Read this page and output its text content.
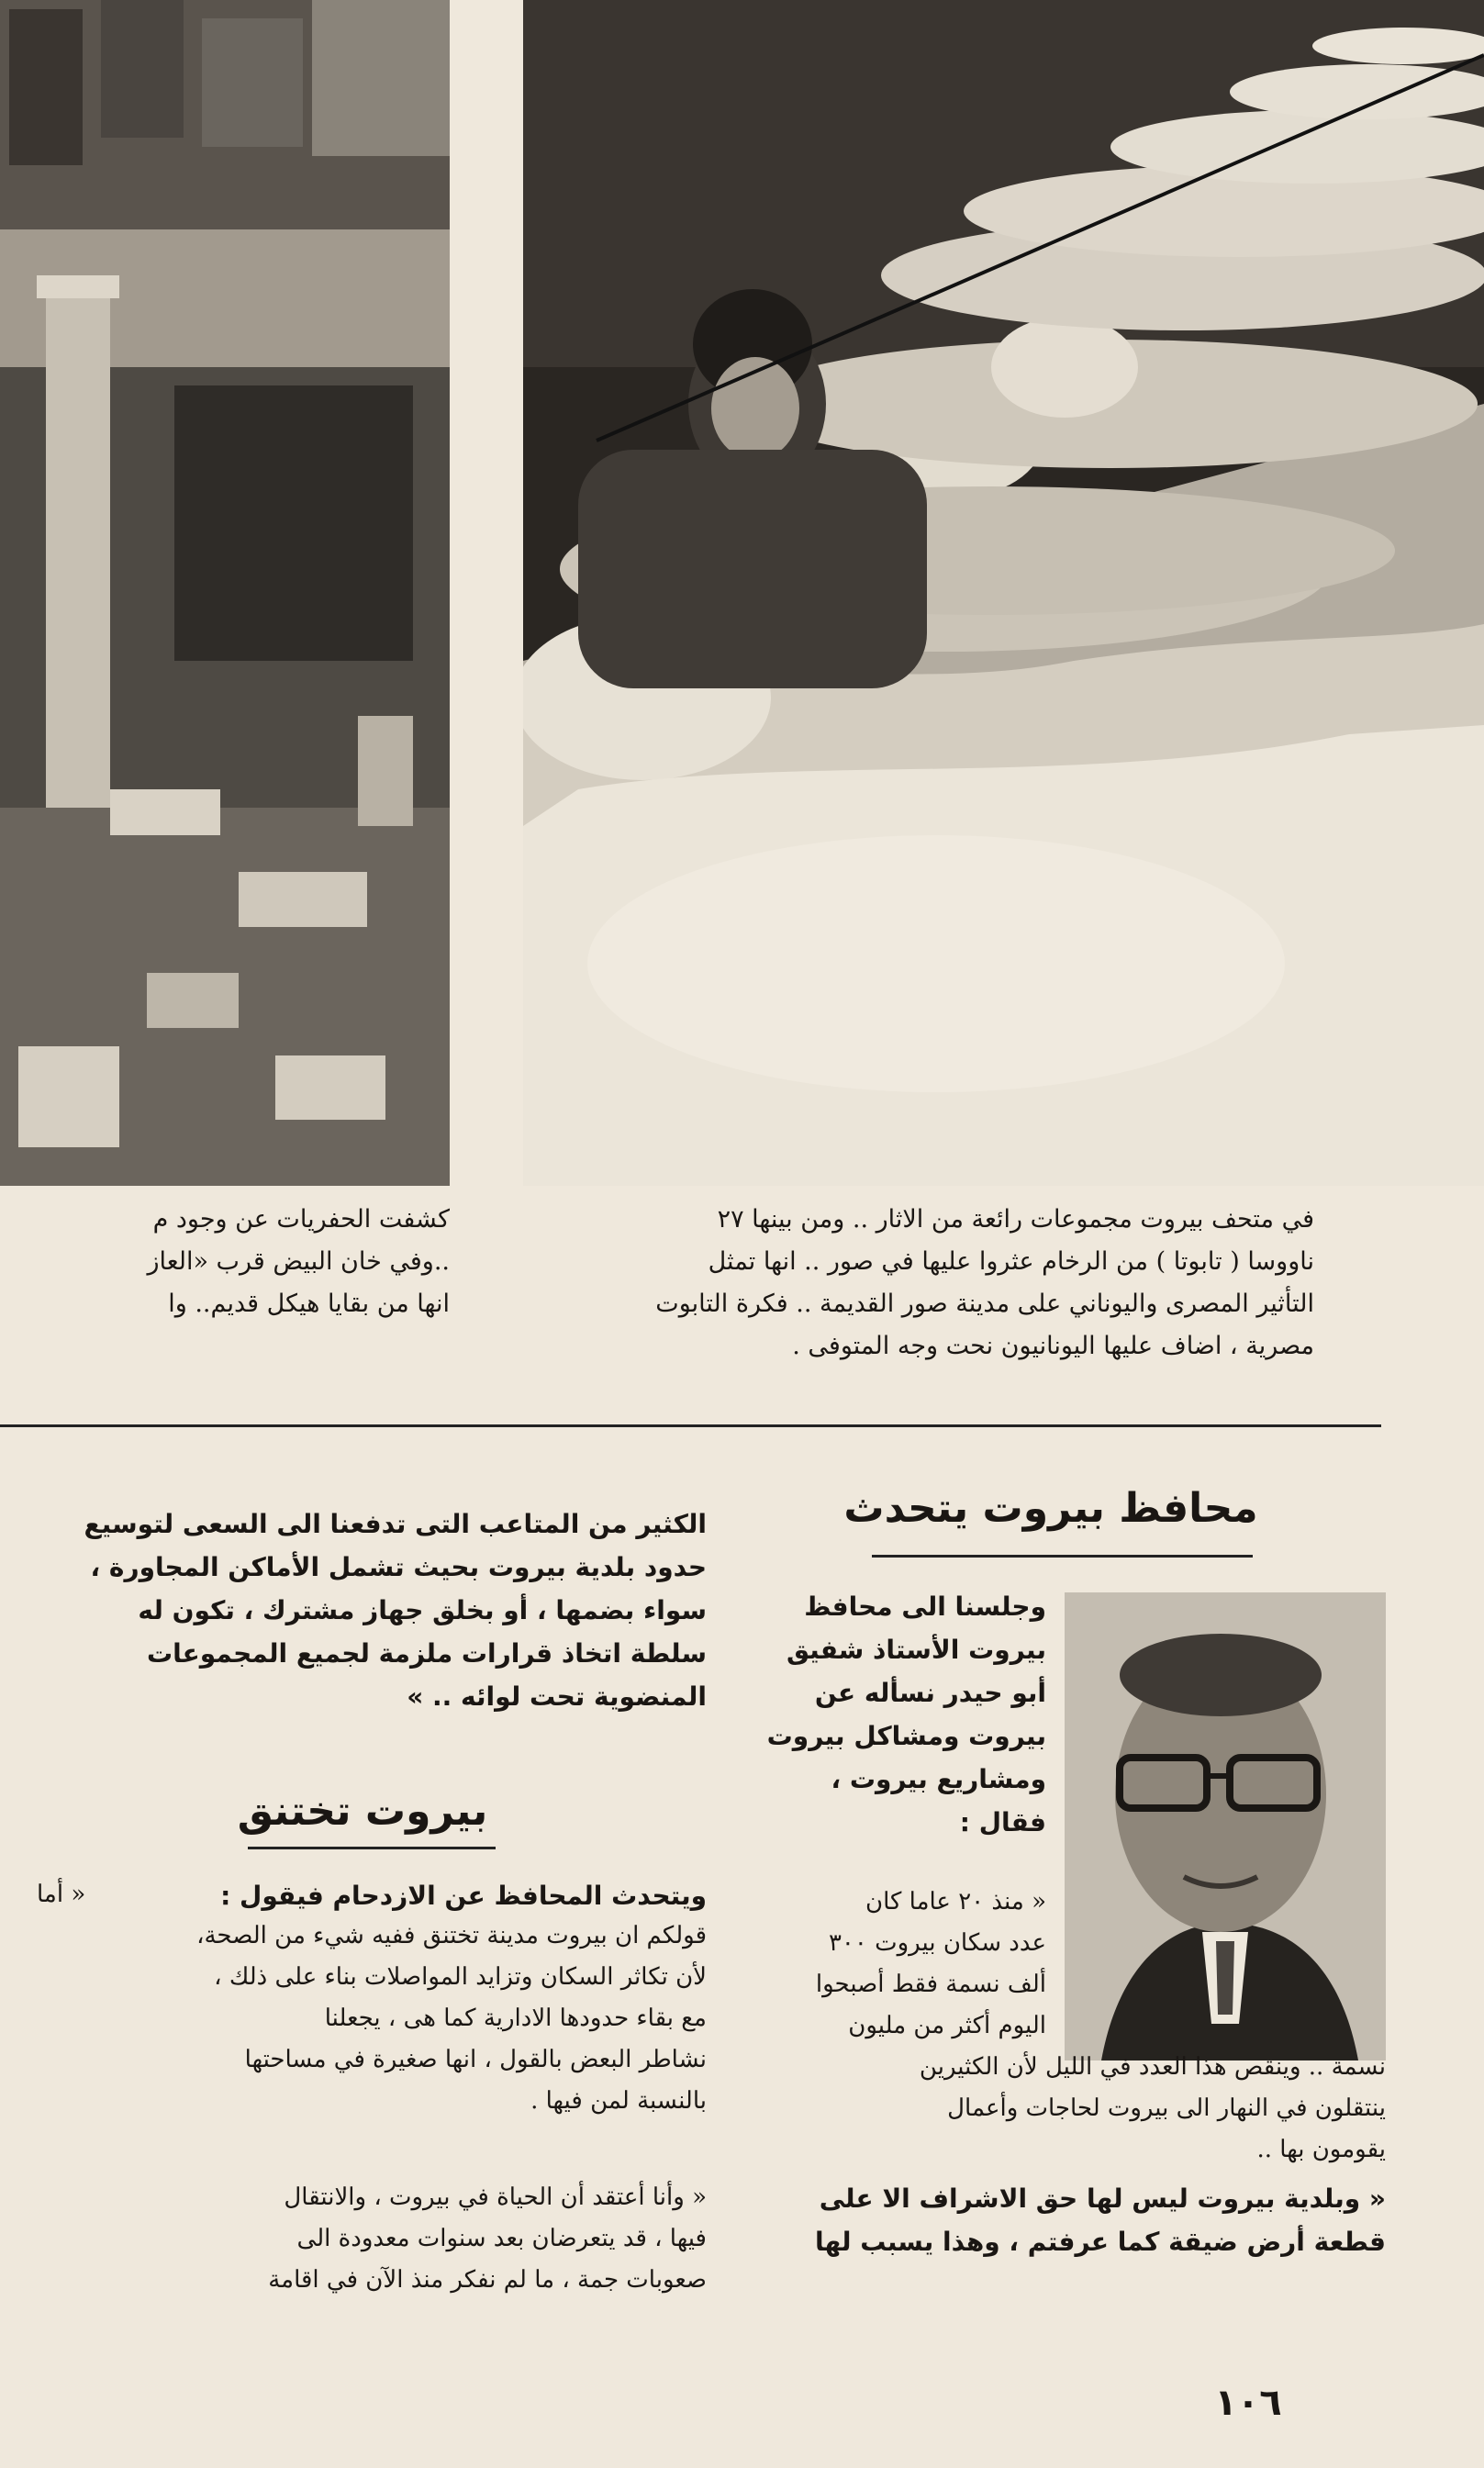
كشفت الحفريات عن وجود م
..وفي خان البيض قرب «العاز
انها من بقايا هيكل قديم.. وا
في متحف بيروت مجموعات رائعة من الاثار .. ومن بينها ٢٧
ناووسا ( تابوتا ) من الرخام عثروا عليها في صور .. انها تمثل
التأثير المصرى واليوناني على مدينة صور القديمة .. فكرة التابوت
مصرية ، اضاف عليها اليونانيون نحت وجه المتوفى .
محافظ بيروت يتحدث
وجلسنا الى محافظ
بيروت الأستاذ شفيق
أبو حيدر نسأله عن
بيروت ومشاكل بيروت
ومشاريع بيروت ،
فقال :
« منذ ٢٠ عاما كان
عدد سكان بيروت ٣٠٠
ألف نسمة فقط أصبحوا
اليوم أكثر من مليون
نسمة .. وينقص هذا العدد في الليل لأن الكثيرين
ينتقلون في النهار الى بيروت لحاجات وأعمال
يقومون بها ..
« وبلدية بيروت ليس لها حق الاشراف الا على
قطعة أرض ضيقة كما عرفتم ، وهذا يسبب لها
الكثير من المتاعب التى تدفعنا الى السعى لتوسيع
حدود بلدية بيروت بحيث تشمل الأماكن المجاورة ،
سواء بضمها ، أو بخلق جهاز مشترك ، تكون له
سلطة اتخاذ قرارات ملزمة لجميع المجموعات
المنضوية تحت لوائه .. »
بيروت تختنق
ويتحدث المحافظ عن الازدحام فيقول :
« أما
قولكم ان بيروت مدينة تختنق ففيه شيء من الصحة،
لأن تكاثر السكان وتزايد المواصلات بناء على ذلك ،
مع بقاء حدودها الادارية كما هى ، يجعلنا
نشاطر البعض بالقول ، انها صغيرة في مساحتها
بالنسبة لمن فيها .
« وأنا أعتقد أن الحياة في بيروت ، والانتقال
فيها ، قد يتعرضان بعد سنوات معدودة الى
صعوبات جمة ، ما لم نفكر منذ الآن في اقامة
١٠٦
